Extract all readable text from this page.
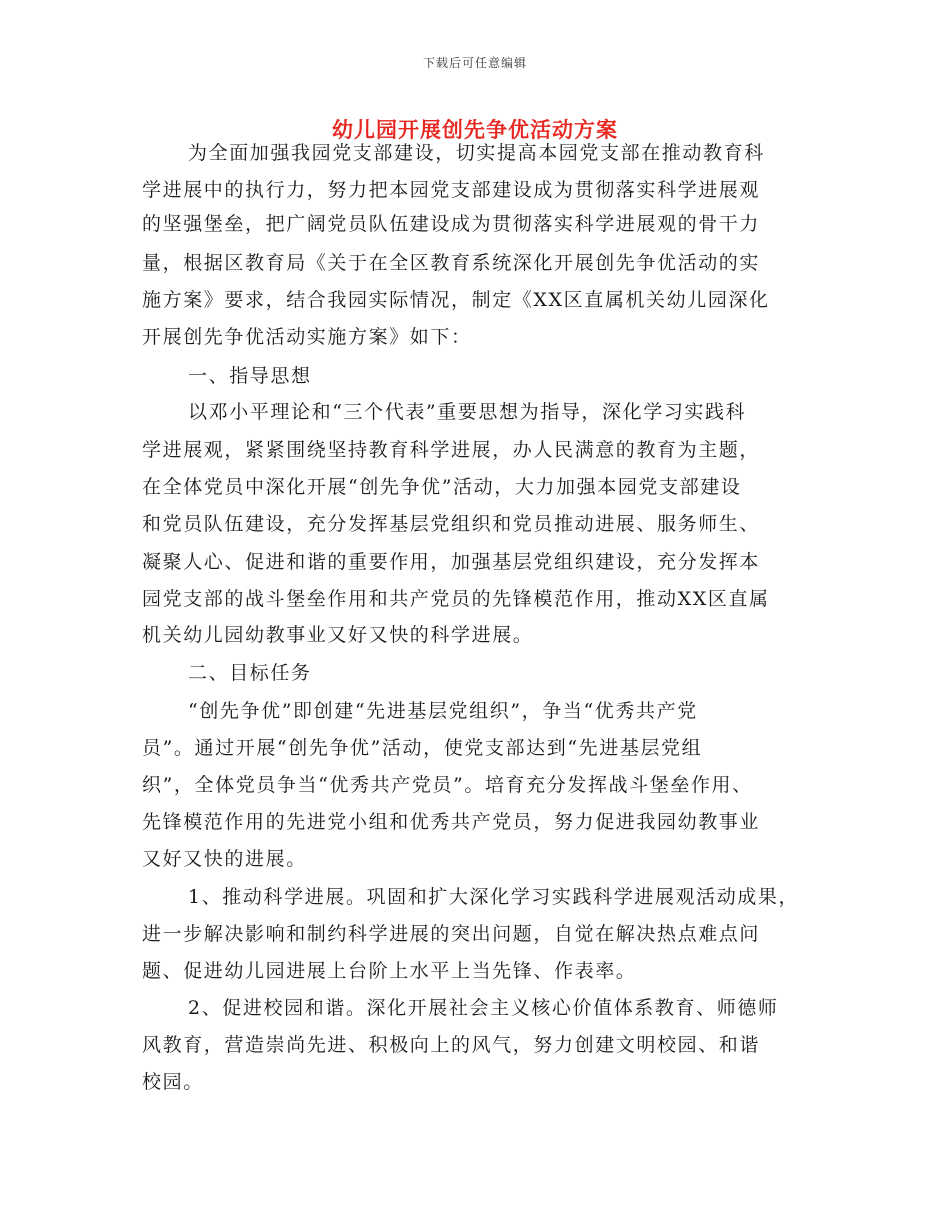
下载后可任意编辑
幼儿园开展创先争优活动方案
为全面加强我园党支部建设，切实提高本园党支部在推动教育科
学进展中的执行力，努力把本园党支部建设成为贯彻落实科学进展观
的坚强堡垒，把广阔党员队伍建设成为贯彻落实科学进展观的骨干力
量，根据区教育局《关于在全区教育系统深化开展创先争优活动的实
施方案》要求，结合我园实际情况，制定《XX区直属机关幼儿园深化
开展创先争优活动实施方案》如下：
一、指导思想
以邓小平理论和“三个代表”重要思想为指导，深化学习实践科
学进展观，紧紧围绕坚持教育科学进展，办人民满意的教育为主题，
在全体党员中深化开展“创先争优”活动，大力加强本园党支部建设
和党员队伍建设，充分发挥基层党组织和党员推动进展、服务师生、
凝聚人心、促进和谐的重要作用，加强基层党组织建设，充分发挥本
园党支部的战斗堡垒作用和共产党员的先锋模范作用，推动XX区直属
机关幼儿园幼教事业又好又快的科学进展。
二、目标任务
“创先争优”即创建“先进基层党组织”，争当“优秀共产党
员”。通过开展“创先争优”活动，使党支部达到“先进基层党组
织”，全体党员争当“优秀共产党员”。培育充分发挥战斗堡垒作用、
先锋模范作用的先进党小组和优秀共产党员，努力促进我园幼教事业
又好又快的进展。
1、推动科学进展。巩固和扩大深化学习实践科学进展观活动成果，
进一步解决影响和制约科学进展的突出问题，自觉在解决热点难点问
题、促进幼儿园进展上台阶上水平上当先锋、作表率。
2、促进校园和谐。深化开展社会主义核心价值体系教育、师德师
风教育，营造崇尚先进、积极向上的风气，努力创建文明校园、和谐
校园。
